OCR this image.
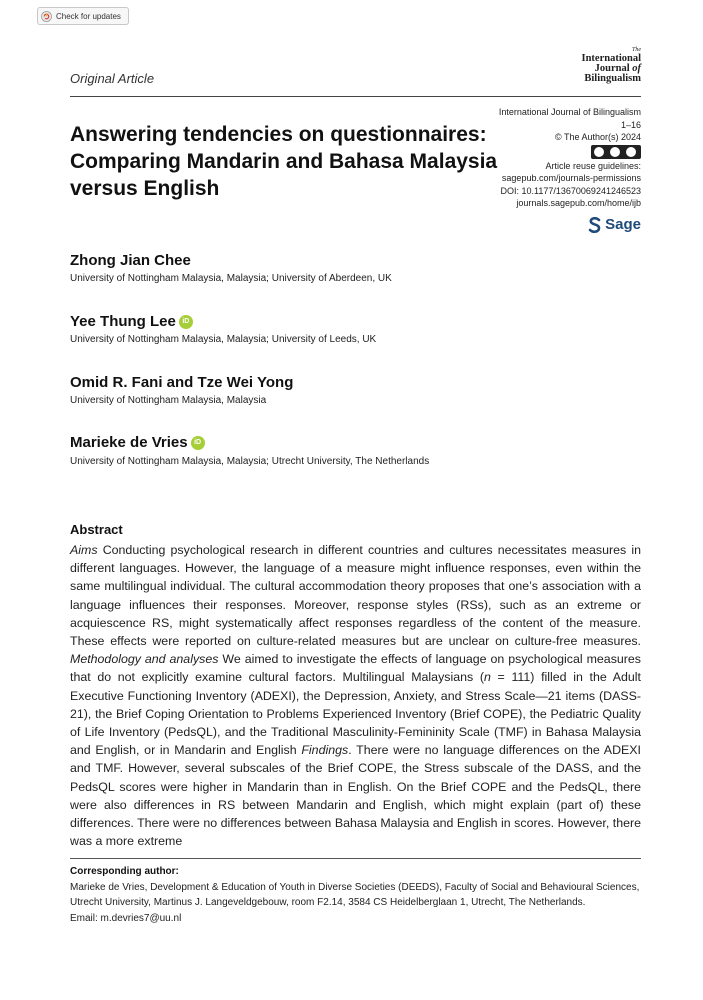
Check for updates
The
International
Journal of
Bilingualism
Original Article
Answering tendencies on questionnaires: Comparing Mandarin and Bahasa Malaysia versus English
International Journal of Bilingualism
1–16
© The Author(s) 2024
Article reuse guidelines:
sagepub.com/journals-permissions
DOI: 10.1177/13670069241246523
journals.sagepub.com/home/ijb
Sage
Zhong Jian Chee
University of Nottingham Malaysia, Malaysia; University of Aberdeen, UK
Yee Thung Lee iD
University of Nottingham Malaysia, Malaysia; University of Leeds, UK
Omid R. Fani and Tze Wei Yong
University of Nottingham Malaysia, Malaysia
Marieke de Vries iD
University of Nottingham Malaysia, Malaysia; Utrecht University, The Netherlands
Abstract
Aims Conducting psychological research in different countries and cultures necessitates measures in different languages. However, the language of a measure might influence responses, even within the same multilingual individual. The cultural accommodation theory proposes that one’s association with a language influences their responses. Moreover, response styles (RSs), such as an extreme or acquiescence RS, might systematically affect responses regardless of the content of the measure. These effects were reported on culture-related measures but are unclear on culture-free measures. Methodology and analyses We aimed to investigate the effects of language on psychological measures that do not explicitly examine cultural factors. Multilingual Malaysians (n = 111) filled in the Adult Executive Functioning Inventory (ADEXI), the Depression, Anxiety, and Stress Scale—21 items (DASS-21), the Brief Coping Orientation to Problems Experienced Inventory (Brief COPE), the Pediatric Quality of Life Inventory (PedsQL), and the Traditional Masculinity-Femininity Scale (TMF) in Bahasa Malaysia and English, or in Mandarin and English Findings. There were no language differences on the ADEXI and TMF. However, several subscales of the Brief COPE, the Stress subscale of the DASS, and the PedsQL scores were higher in Mandarin than in English. On the Brief COPE and the PedsQL, there were also differences in RS between Mandarin and English, which might explain (part of) these differences. There were no differences between Bahasa Malaysia and English in scores. However, there was a more extreme
Corresponding author:
Marieke de Vries, Development & Education of Youth in Diverse Societies (DEEDS), Faculty of Social and Behavioural Sciences, Utrecht University, Martinus J. Langeveldgebouw, room F2.14, 3584 CS Heidelberglaan 1, Utrecht, The Netherlands.
Email: m.devries7@uu.nl
